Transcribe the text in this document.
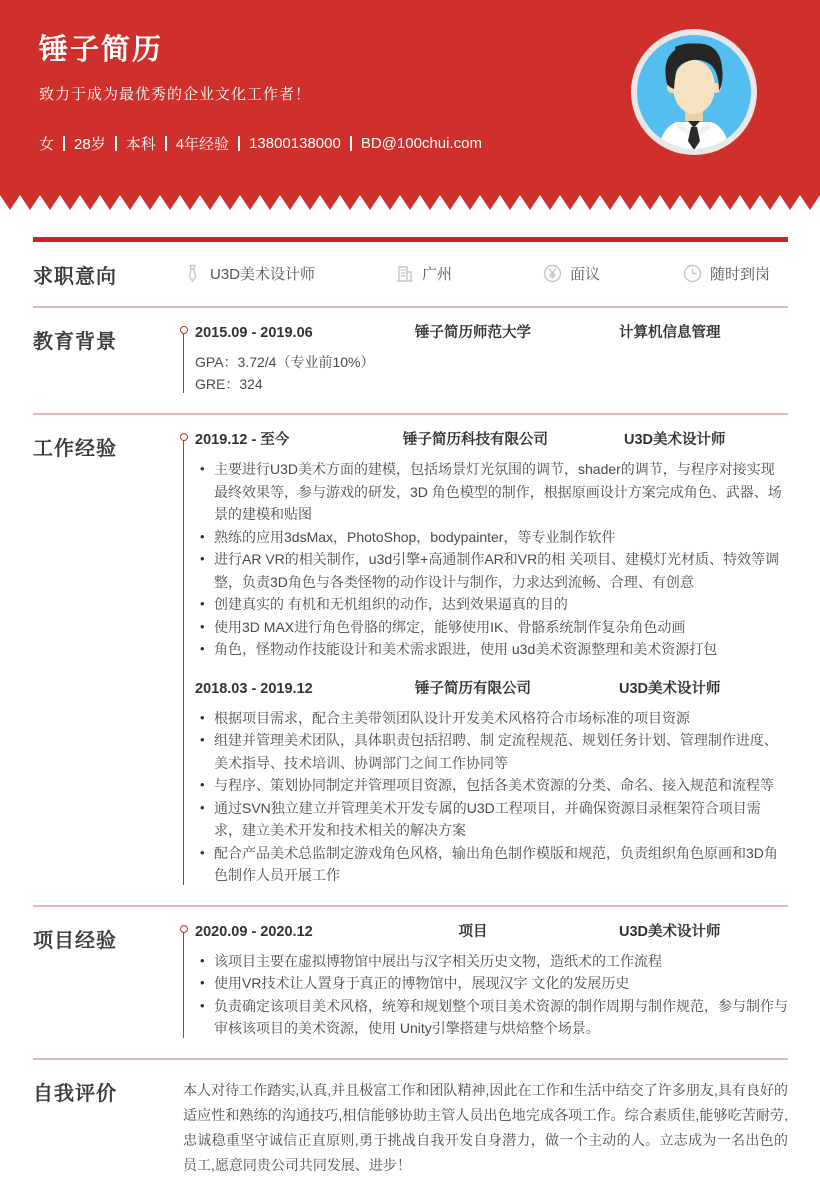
锤子简历
致力于成为最优秀的企业文化工作者！
女 28岁 本科 4年经验 13800138000 BD@100chui.com
求职意向	U3D美术设计师	广州	面议	随时到岗
教育背景	2015.09 - 2019.06	锤子简历师范大学	计算机信息管理
GPA：3.72/4（专业前10%）
GRE：324
工作经验	2019.12 - 至今	锤子简历科技有限公司	U3D美术设计师
• 主要进行U3D美术方面的建模，包括场景灯光氛围的调节，shader的调节，与程序对接实现最终效果等，参与游戏的研发，3D 角色模型的制作，根据原画设计方案完成角色、武器、场景的建模和贴图
• 熟练的应用3dsMax，PhotoShop，bodypainter，等专业制作软件
• 进行AR VR的相关制作，u3d引擎+高通制作AR和VR的相 关项目、建模灯光材质、特效等调整，负责3D角色与各类怪物的动作设计与制作，力求达到流畅、合理、有创意
• 创建真实的 有机和无机组织的动作，达到效果逼真的目的
• 使用3D MAX进行角色骨胳的绑定，能够使用IK、骨骼系统制作复杂角色动画
• 角色，怪物动作技能设计和美术需求跟进，使用 u3d美术资源整理和美术资源打包
2018.03 - 2019.12	锤子简历有限公司	U3D美术设计师
• 根据项目需求，配合主美带领团队设计开发美术风格符合市场标准的项目资源
• 组建并管理美术团队，具体职责包括招聘、制 定流程规范、规划任务计划、管理制作进度、美术指导、技术培训、协调部门之间工作协同等
• 与程序、策划协同制定并管理项目资源，包括各美术资源的分类、命名、接入规范和流程等
• 通过SVN独立建立并管理美术开发专属的U3D工程项目，并确保资源目录框架符合项目需求，建立美术开发和技术相关的解决方案
• 配合产品美术总监制定游戏角色风格，输出角色制作模版和规范，负责组织角色原画和3D角色制作人员开展工作
项目经验	2020.09 - 2020.12	项目	U3D美术设计师
• 该项目主要在虚拟博物馆中展出与汉字相关历史文物，造纸术的工作流程
• 使用VR技术让人置身于真正的博物馆中，展现汉字 文化的发展历史
• 负责确定该项目美术风格，统筹和规划整个项目美术资源的制作周期与制作规范，参与制作与审核该项目的美术资源，使用 Unity引擎搭建与烘焙整个场景。
自我评价	本人对待工作踏实,认真,并且极富工作和团队精神,因此在工作和生活中结交了许多朋友,具有良好的适应性和熟练的沟通技巧,相信能够协助主管人员出色地完成各项工作。综合素质佳,能够吃苦耐劳,忠诚稳重坚守诚信正直原则,勇于挑战自我开发自身潜力，做一个主动的人。立志成为一名出色的员工,愿意同贵公司共同发展、进步！
